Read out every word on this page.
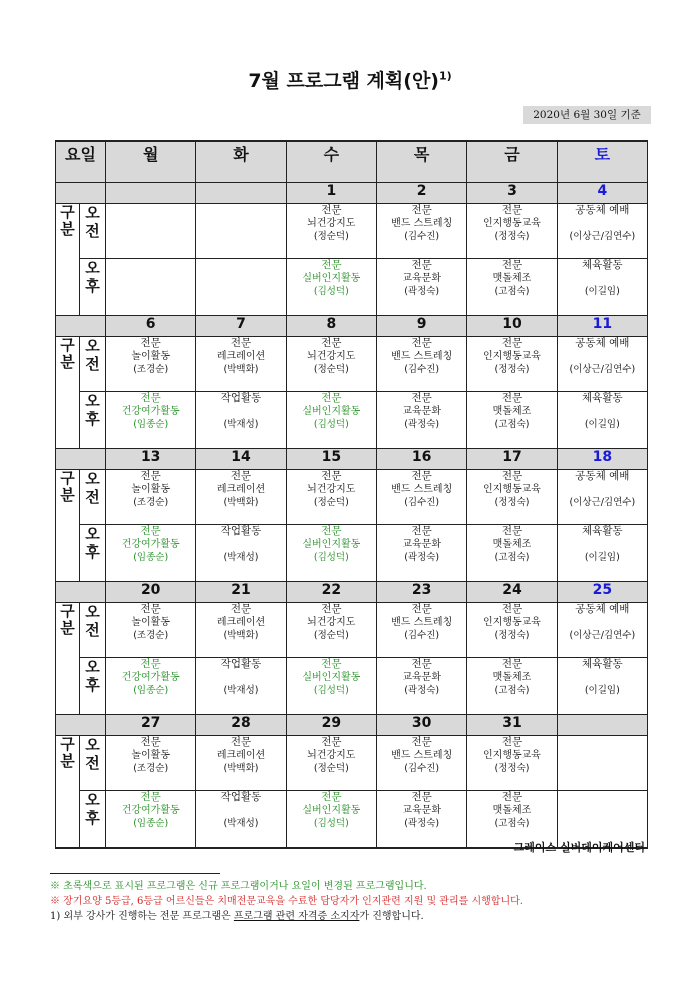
7월 프로그램 계획(안)$^{1)}$
2020년 6월 30일 기준
요일		월	화	수	목	금	토
				1	2	3	4
구
분	오
전			전문
뇌건강지도
(정순덕)	전문
밴드 스트레칭
(김수진)	전문
인지행동교육
(정정숙)	공동체 예배
(이상근/김연수)

	오
후			전문
실버인지활동
(김성덕)	전문
교육문화
(곽정숙)	전문
맷돌체조
(고점숙)	체육활동
(이길임)

		6	7	8	9	10	11
구
분	오
전	전문
놀이활동
(조경순)	전문
레크레이션
(박백화)	전문
뇌건강지도
(정순덕)	전문
밴드 스트레칭
(김수진)	전문
인지행동교육
(정정숙)	공동체 예배
(이상근/김연수)

	오
후	전문
건강여가활동
(임종순)	작업활동
(박재성)	전문
실버인지활동
(김성덕)	전문
교육문화
(곽정숙)	전문
맷돌체조
(고점숙)	체육활동
(이길임)

		13	14	15	16	17	18
구
분	오
전	전문
놀이활동
(조경순)	전문
레크레이션
(박백화)	전문
뇌건강지도
(정순덕)	전문
밴드 스트레칭
(김수진)	전문
인지행동교육
(정정숙)	공동체 예배
(이상근/김연수)

	오
후	전문
건강여가활동
(임종순)	작업활동
(박재성)	전문
실버인지활동
(김성덕)	전문
교육문화
(곽정숙)	전문
맷돌체조
(고점숙)	체육활동
(이길임)

		20	21	22	23	24	25
구
분	오
전	전문
놀이활동
(조경순)	전문
레크레이션
(박백화)	전문
뇌건강지도
(정순덕)	전문
밴드 스트레칭
(김수진)	전문
인지행동교육
(정정숙)	공동체 예배
(이상근/김연수)

	오
후	전문
건강여가활동
(임종순)	작업활동
(박재성)	전문
실버인지활동
(김성덕)	전문
교육문화
(곽정숙)	전문
맷돌체조
(고점숙)	체육활동
(이길임)

		27	28	29	30	31	
구
분	오
전	전문
놀이활동
(조경순)	전문
레크레이션
(박백화)	전문
뇌건강지도
(정순덕)	전문
밴드 스트레칭
(김수진)	전문
인지행동교육
(정정숙)	

	오
후	전문
건강여가활동
(임종순)	작업활동
(박재성)	전문
실버인지활동
(김성덕)	전문
교육문화
(곽정숙)	전문
맷돌체조
(고점숙)	

그레이스 실버데이케어센터
※ 초록색으로 표시된 프로그램은 신규 프로그램이거나 요일이 변경된 프로그램입니다.
※ 장기요양 5등급, 6등급 어르신들은 치매전문교육을 수료한 담당자가 인지관련 지원 및 관리를 시행합니다.
1) 외부 강사가 진행하는 전문 프로그램은 프로그램 관련 자격증 소지자가 진행합니다.
